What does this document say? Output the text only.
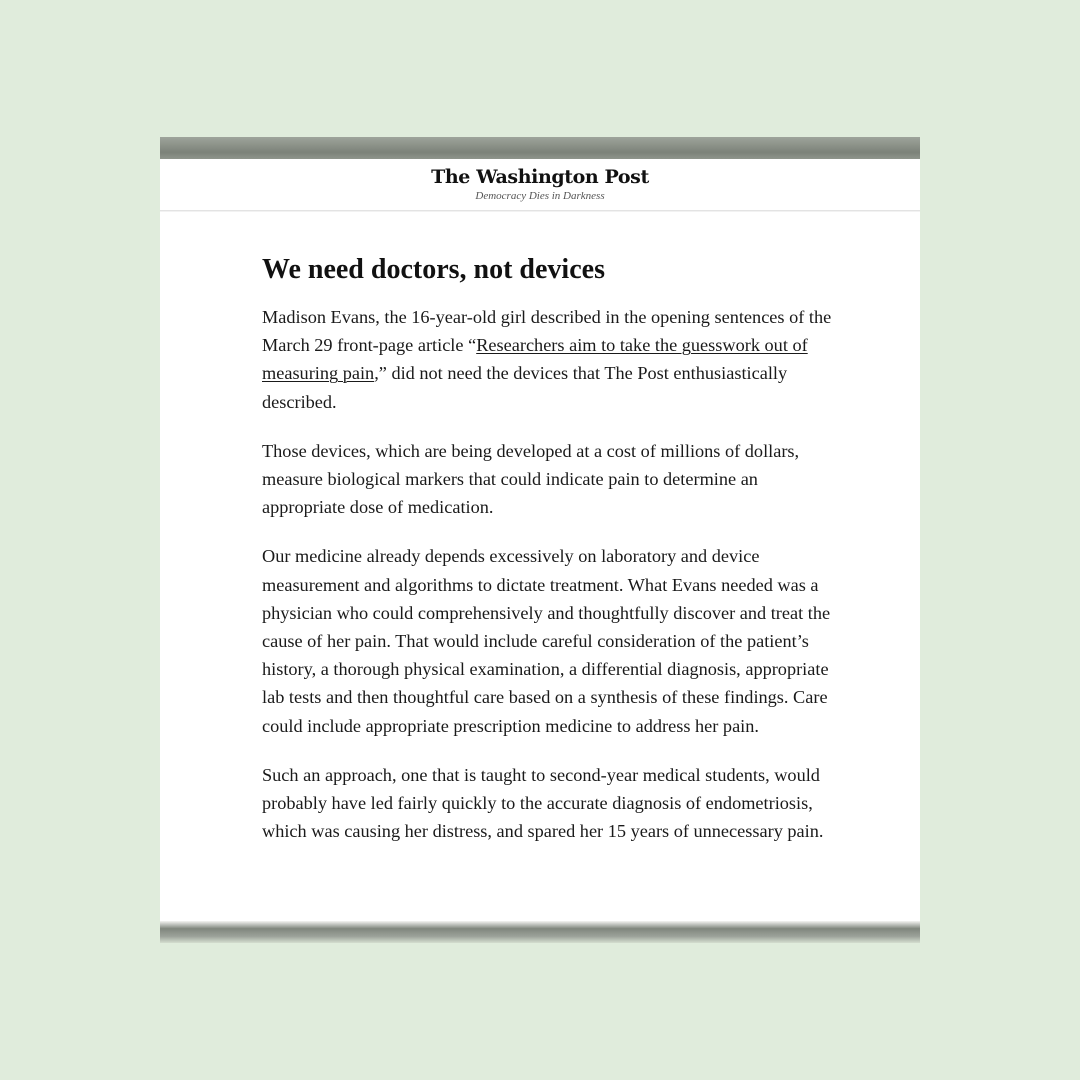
The Washington Post
Democracy Dies in Darkness
We need doctors, not devices

Madison Evans, the 16-year-old girl described in the opening sentences of the March 29 front-page article “Researchers aim to take the guesswork out of measuring pain,” did not need the devices that The Post enthusiastically described.

Those devices, which are being developed at a cost of millions of dollars, measure biological markers that could indicate pain to determine an appropriate dose of medication.

Our medicine already depends excessively on laboratory and device measurement and algorithms to dictate treatment. What Evans needed was a physician who could comprehensively and thoughtfully discover and treat the cause of her pain. That would include careful consideration of the patient’s history, a thorough physical examination, a differential diagnosis, appropriate lab tests and then thoughtful care based on a synthesis of these findings. Care could include appropriate prescription medicine to address her pain.

Such an approach, one that is taught to second-year medical students, would probably have led fairly quickly to the accurate diagnosis of endometriosis, which was causing her distress, and spared her 15 years of unnecessary pain.
